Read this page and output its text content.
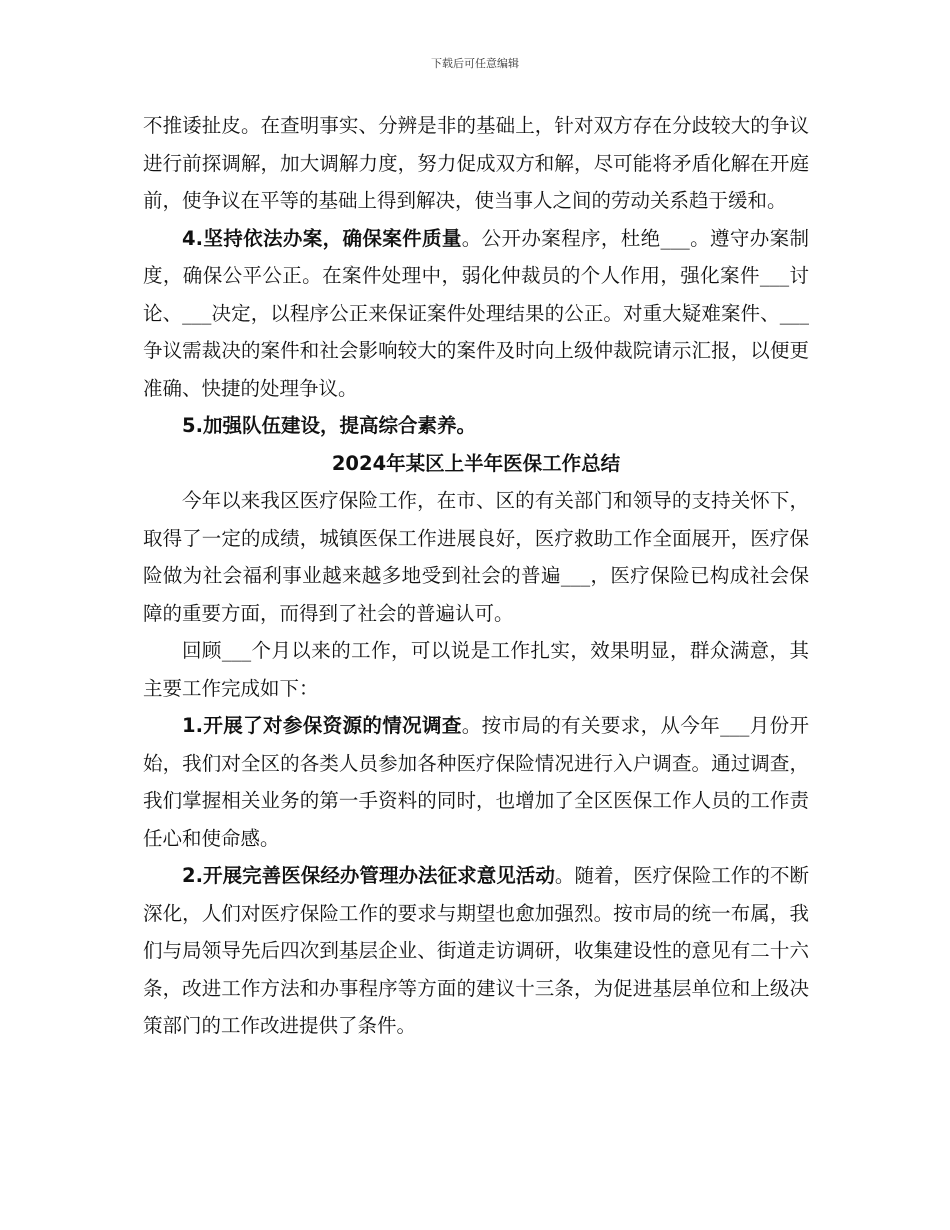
下载后可任意编辑

不推诿扯皮。在查明事实、分辨是非的基础上，针对双方存在分歧较大的争议进行前探调解，加大调解力度，努力促成双方和解，尽可能将矛盾化解在开庭前，使争议在平等的基础上得到解决，使当事人之间的劳动关系趋于缓和。

4.坚持依法办案，确保案件质量。公开办案程序，杜绝___。遵守办案制度，确保公平公正。在案件处理中，弱化仲裁员的个人作用，强化案件___讨论、___决定，以程序公正来保证案件处理结果的公正。对重大疑难案件、___争议需裁决的案件和社会影响较大的案件及时向上级仲裁院请示汇报，以便更准确、快捷的处理争议。

5.加强队伍建设，提高综合素养。

2024年某区上半年医保工作总结

今年以来我区医疗保险工作，在市、区的有关部门和领导的支持关怀下，取得了一定的成绩，城镇医保工作进展良好，医疗救助工作全面展开，医疗保险做为社会福利事业越来越多地受到社会的普遍___，医疗保险已构成社会保障的重要方面，而得到了社会的普遍认可。

回顾___个月以来的工作，可以说是工作扎实，效果明显，群众满意，其主要工作完成如下：

1.开展了对参保资源的情况调查。按市局的有关要求，从今年___月份开始，我们对全区的各类人员参加各种医疗保险情况进行入户调查。通过调查，我们掌握相关业务的第一手资料的同时，也增加了全区医保工作人员的工作责任心和使命感。

2.开展完善医保经办管理办法征求意见活动。随着，医疗保险工作的不断深化，人们对医疗保险工作的要求与期望也愈加强烈。按市局的统一布属，我们与局领导先后四次到基层企业、街道走访调研，收集建设性的意见有二十六条，改进工作方法和办事程序等方面的建议十三条，为促进基层单位和上级决策部门的工作改进提供了条件。
